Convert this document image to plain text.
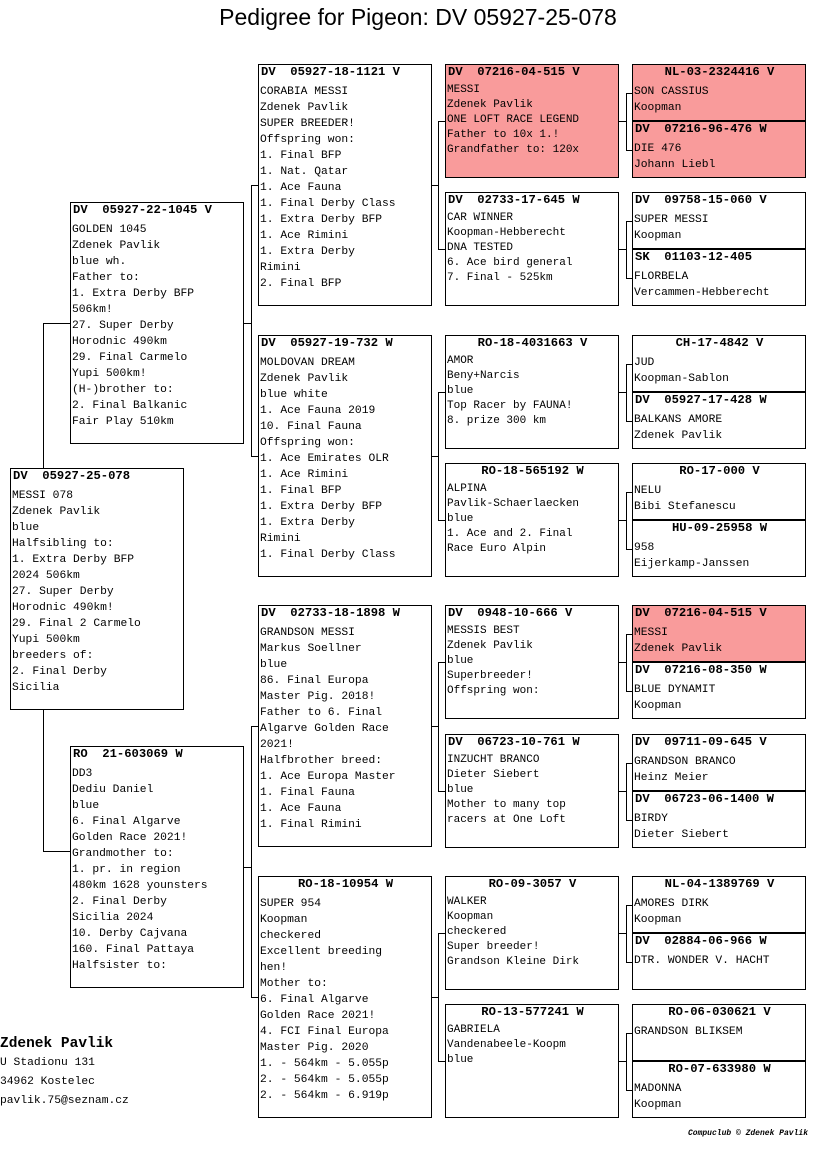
Pedigree for Pigeon: DV 05927-25-078
DV  05927-25-078
MESSI 078
Zdenek Pavlik
blue
Halfsibling to:
1. Extra Derby BFP
2024 506km
27. Super Derby
Horodnic 490km!
29. Final 2 Carmelo
Yupi 500km
breeders of:
2. Final Derby
Sicilia
DV  05927-22-1045 V
GOLDEN 1045
Zdenek Pavlik
blue wh.
Father to:
1. Extra Derby BFP
506km!
27. Super Derby
Horodnic 490km
29. Final Carmelo
Yupi 500km!
(H-)brother to:
2. Final Balkanic
Fair Play 510km
RO  21-603069 W
DD3
Dediu Daniel
blue
6. Final Algarve
Golden Race 2021!
Grandmother to:
1. pr. in region
480km 1628 younsters
2. Final Derby
Sicilia 2024
10. Derby Cajvana
160. Final Pattaya
Halfsister to:
DV  05927-18-1121 V
CORABIA MESSI
Zdenek Pavlik
SUPER BREEDER!
Offspring won:
1. Final BFP
1. Nat. Qatar
1. Ace Fauna
1. Final Derby Class
1. Extra Derby BFP
1. Ace Rimini
1. Extra Derby
Rimini
2. Final BFP
DV  05927-19-732 W
MOLDOVAN DREAM
Zdenek Pavlik
blue white
1. Ace Fauna 2019
10. Final Fauna
Offspring won:
1. Ace Emirates OLR
1. Ace Rimini
1. Final BFP
1. Extra Derby BFP
1. Extra Derby
Rimini
1. Final Derby Class
DV  02733-18-1898 W
GRANDSON MESSI
Markus Soellner
blue
86. Final Europa
Master Pig. 2018!
Father to 6. Final
Algarve Golden Race
2021!
Halfbrother breed:
1. Ace Europa Master
1. Final Fauna
1. Ace Fauna
1. Final Rimini
RO-18-10954 W
SUPER 954
Koopman
checkered
Excellent breeding
hen!
Mother to:
6. Final Algarve
Golden Race 2021!
4. FCI Final Europa
Master Pig. 2020
1. - 564km - 5.055p
2. - 564km - 5.055p
2. - 564km - 6.919p
DV  07216-04-515 V
MESSI
Zdenek Pavlik
ONE LOFT RACE LEGEND
Father to 10x 1.!
Grandfather to: 120x
DV  02733-17-645 W
CAR WINNER
Koopman-Hebberecht
DNA TESTED
6. Ace bird general
7. Final - 525km
RO-18-4031663 V
AMOR
Beny+Narcis
blue
Top Racer by FAUNA!
8. prize 300 km
RO-18-565192 W
ALPINA
Pavlik-Schaerlaecken
blue
1. Ace and 2. Final
Race Euro Alpin
DV  0948-10-666 V
MESSIS BEST
Zdenek Pavlik
blue
Superbreeder!
Offspring won:
DV  06723-10-761 W
INZUCHT BRANCO
Dieter Siebert
blue
Mother to many top
racers at One Loft
RO-09-3057 V
WALKER
Koopman
checkered
Super breeder!
Grandson Kleine Dirk
RO-13-577241 W
GABRIELA
Vandenabeele-Koopm
blue
NL-03-2324416 V
SON CASSIUS
Koopman
DV  07216-96-476 W
DIE 476
Johann Liebl
DV  09758-15-060 V
SUPER MESSI
Koopman
SK  01103-12-405
FLORBELA
Vercammen-Hebberecht
CH-17-4842 V
JUD
Koopman-Sablon
DV  05927-17-428 W
BALKANS AMORE
Zdenek Pavlik
RO-17-000 V
NELU
Bibi Stefanescu
HU-09-25958 W
958
Eijerkamp-Janssen
DV  07216-04-515 V
MESSI
Zdenek Pavlik
DV  07216-08-350 W
BLUE DYNAMIT
Koopman
DV  09711-09-645 V
GRANDSON BRANCO
Heinz Meier
DV  06723-06-1400 W
BIRDY
Dieter Siebert
NL-04-1389769 V
AMORES DIRK
Koopman
DV  02884-06-966 W
DTR. WONDER V. HACHT
RO-06-030621 V
GRANDSON BLIKSEM
RO-07-633980 W
MADONNA
Koopman
Zdenek Pavlik
U Stadionu 131
34962 Kostelec
pavlik.75@seznam.cz
Compuclub © Zdenek Pavlik
